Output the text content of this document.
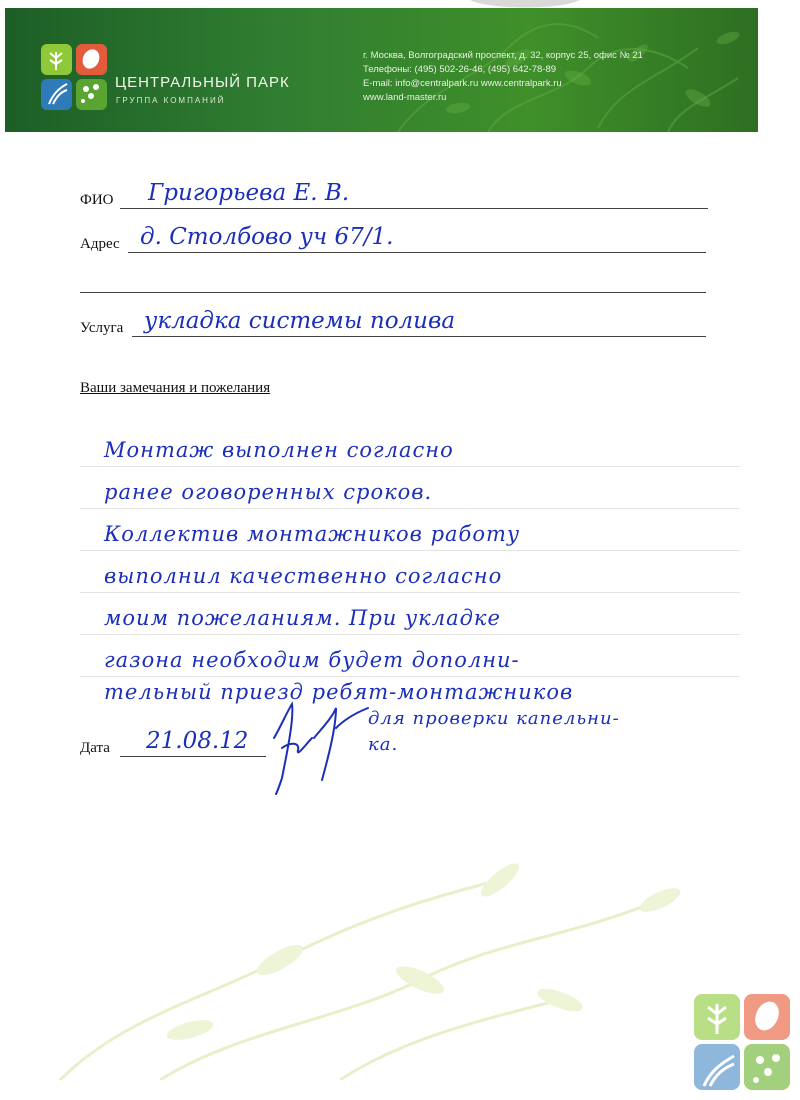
ЦЕНТРАЛЬНЫЙ ПАРК
ГРУППА КОМПАНИЙ
г. Москва, Волгоградский проспект, д. 32, корпус 25, офис № 21
Телефоны: (495) 502-26-46, (495) 642-78-89
E-mail: info@centralpark.ru www.centralpark.ru
www.land-master.ru
ФИО Григорьева Е. В.
Адрес д. Столбово уч 67/1.
Услуга укладка системы полива
Ваши замечания и пожелания
Монтаж выполнен согласно
ранее оговоренных сроков.
Коллектив монтажников работу
выполнил качественно согласно
моим пожеланиям. При укладке
газона необходим будет дополни-
тельный приезд ребят-монтажников
для проверки капельни-
ка.
Дата 21.08.12
